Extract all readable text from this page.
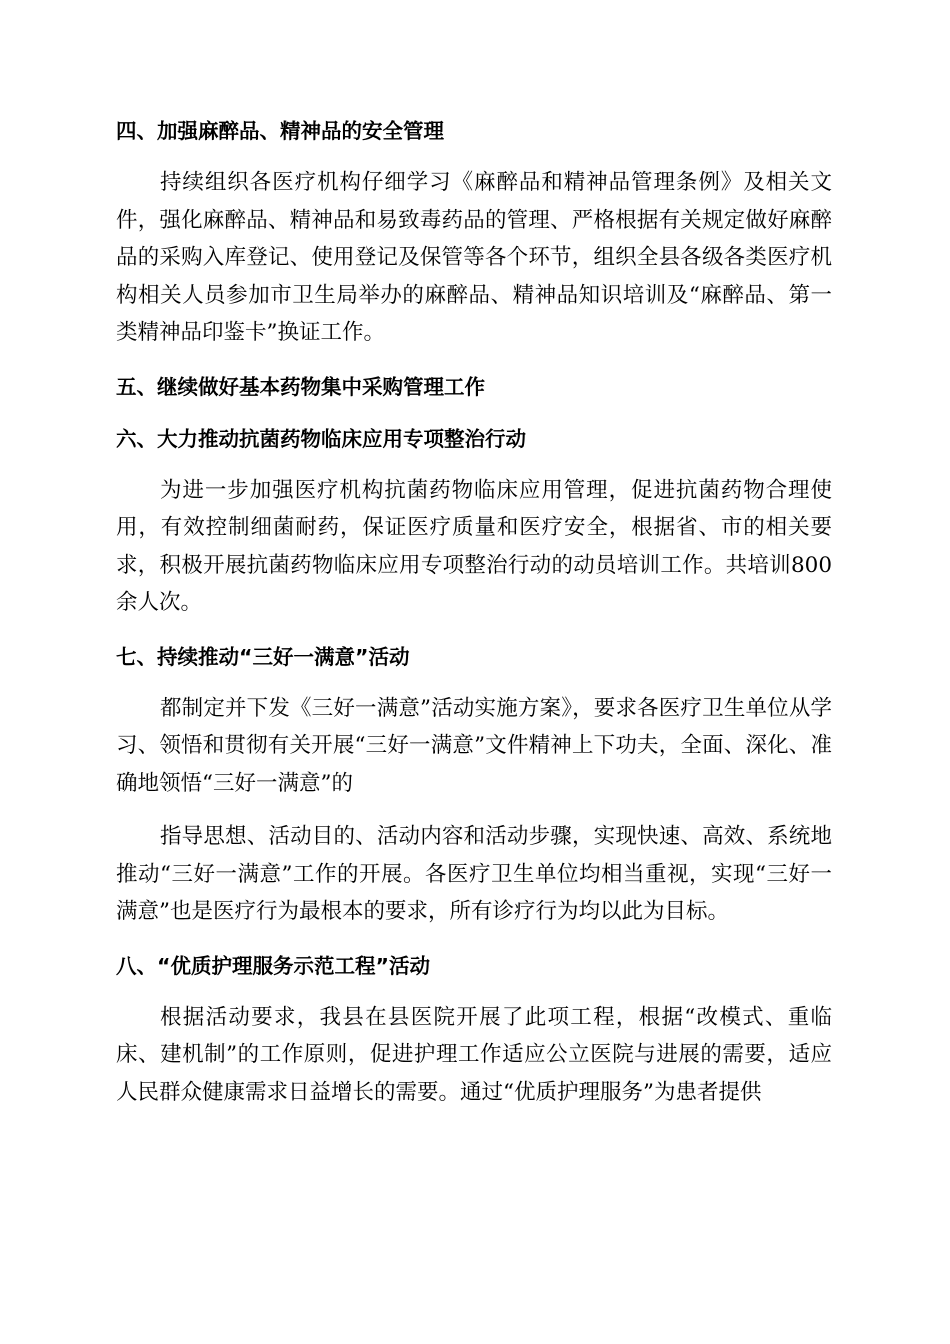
四、加强麻醉品、精神品的安全管理

持续组织各医疗机构仔细学习《麻醉品和精神品管理条例》及相关文件，强化麻醉品、精神品和易致毒药品的管理、严格根据有关规定做好麻醉品的采购入库登记、使用登记及保管等各个环节，组织全县各级各类医疗机构相关人员参加市卫生局举办的麻醉品、精神品知识培训及“麻醉品、第一类精神品印鉴卡”换证工作。

五、继续做好基本药物集中采购管理工作
六、大力推动抗菌药物临床应用专项整治行动

为进一步加强医疗机构抗菌药物临床应用管理，促进抗菌药物合理使用，有效控制细菌耐药，保证医疗质量和医疗安全，根据省、市的相关要求，积极开展抗菌药物临床应用专项整治行动的动员培训工作。共培训800余人次。

七、持续推动“三好一满意”活动

都制定并下发《三好一满意”活动实施方案》，要求各医疗卫生单位从学习、领悟和贯彻有关开展“三好一满意”文件精神上下功夫，全面、深化、准确地领悟“三好一满意”的

指导思想、活动目的、活动内容和活动步骤，实现快速、高效、系统地推动“三好一满意”工作的开展。各医疗卫生单位均相当重视，实现“三好一满意”也是医疗行为最根本的要求，所有诊疗行为均以此为目标。

八、“优质护理服务示范工程”活动

根据活动要求，我县在县医院开展了此项工程，根据“改模式、重临床、建机制”的工作原则，促进护理工作适应公立医院与进展的需要，适应人民群众健康需求日益增长的需要。通过“优质护理服务”为患者提供
